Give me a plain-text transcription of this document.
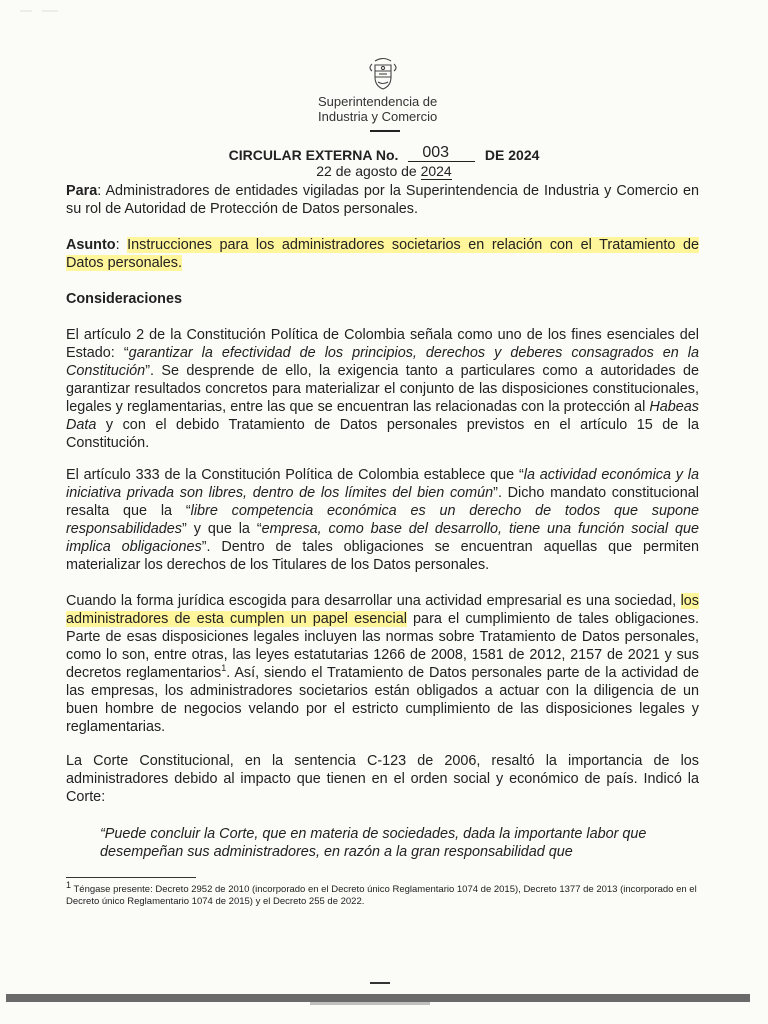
Superintendencia de
Industria y Comercio
CIRCULAR EXTERNA No. 003	DE 2024
22 de agosto de 2024

Para: Administradores de entidades vigiladas por la Superintendencia de Industria y Comercio en su rol de Autoridad de Protección de Datos personales.

Asunto: Instrucciones para los administradores societarios en relación con el Tratamiento de Datos personales.

Consideraciones

El artículo 2 de la Constitución Política de Colombia señala como uno de los fines esenciales del Estado: “garantizar la efectividad de los principios, derechos y deberes consagrados en la Constitución”. Se desprende de ello, la exigencia tanto a particulares como a autoridades de garantizar resultados concretos para materializar el conjunto de las disposiciones constitucionales, legales y reglamentarias, entre las que se encuentran las relacionadas con la protección al Habeas Data y con el debido Tratamiento de Datos personales previstos en el artículo 15 de la Constitución.

El artículo 333 de la Constitución Política de Colombia establece que “la actividad económica y la iniciativa privada son libres, dentro de los límites del bien común”. Dicho mandato constitucional resalta que la “libre competencia económica es un derecho de todos que supone responsabilidades” y que la “empresa, como base del desarrollo, tiene una función social que implica obligaciones”. Dentro de tales obligaciones se encuentran aquellas que permiten materializar los derechos de los Titulares de los Datos personales.

Cuando la forma jurídica escogida para desarrollar una actividad empresarial es una sociedad, los administradores de esta cumplen un papel esencial para el cumplimiento de tales obligaciones. Parte de esas disposiciones legales incluyen las normas sobre Tratamiento de Datos personales, como lo son, entre otras, las leyes estatutarias 1266 de 2008, 1581 de 2012, 2157 de 2021 y sus decretos reglamentarios$^1$. Así, siendo el Tratamiento de Datos personales parte de la actividad de las empresas, los administradores societarios están obligados a actuar con la diligencia de un buen hombre de negocios velando por el estricto cumplimiento de las disposiciones legales y reglamentarias.

La Corte Constitucional, en la sentencia C-123 de 2006, resaltó la importancia de los administradores debido al impacto que tienen en el orden social y económico de país. Indicó la Corte:

“Puede concluir la Corte, que en materia de sociedades, dada la importante labor que desempeñan sus administradores, en razón a la gran responsabilidad que
$^1$ Téngase presente: Decreto 2952 de 2010 (incorporado en el Decreto único Reglamentario 1074 de 2015), Decreto 1377 de 2013 (incorporado en el Decreto único Reglamentario 1074 de 2015) y el Decreto 255 de 2022.
